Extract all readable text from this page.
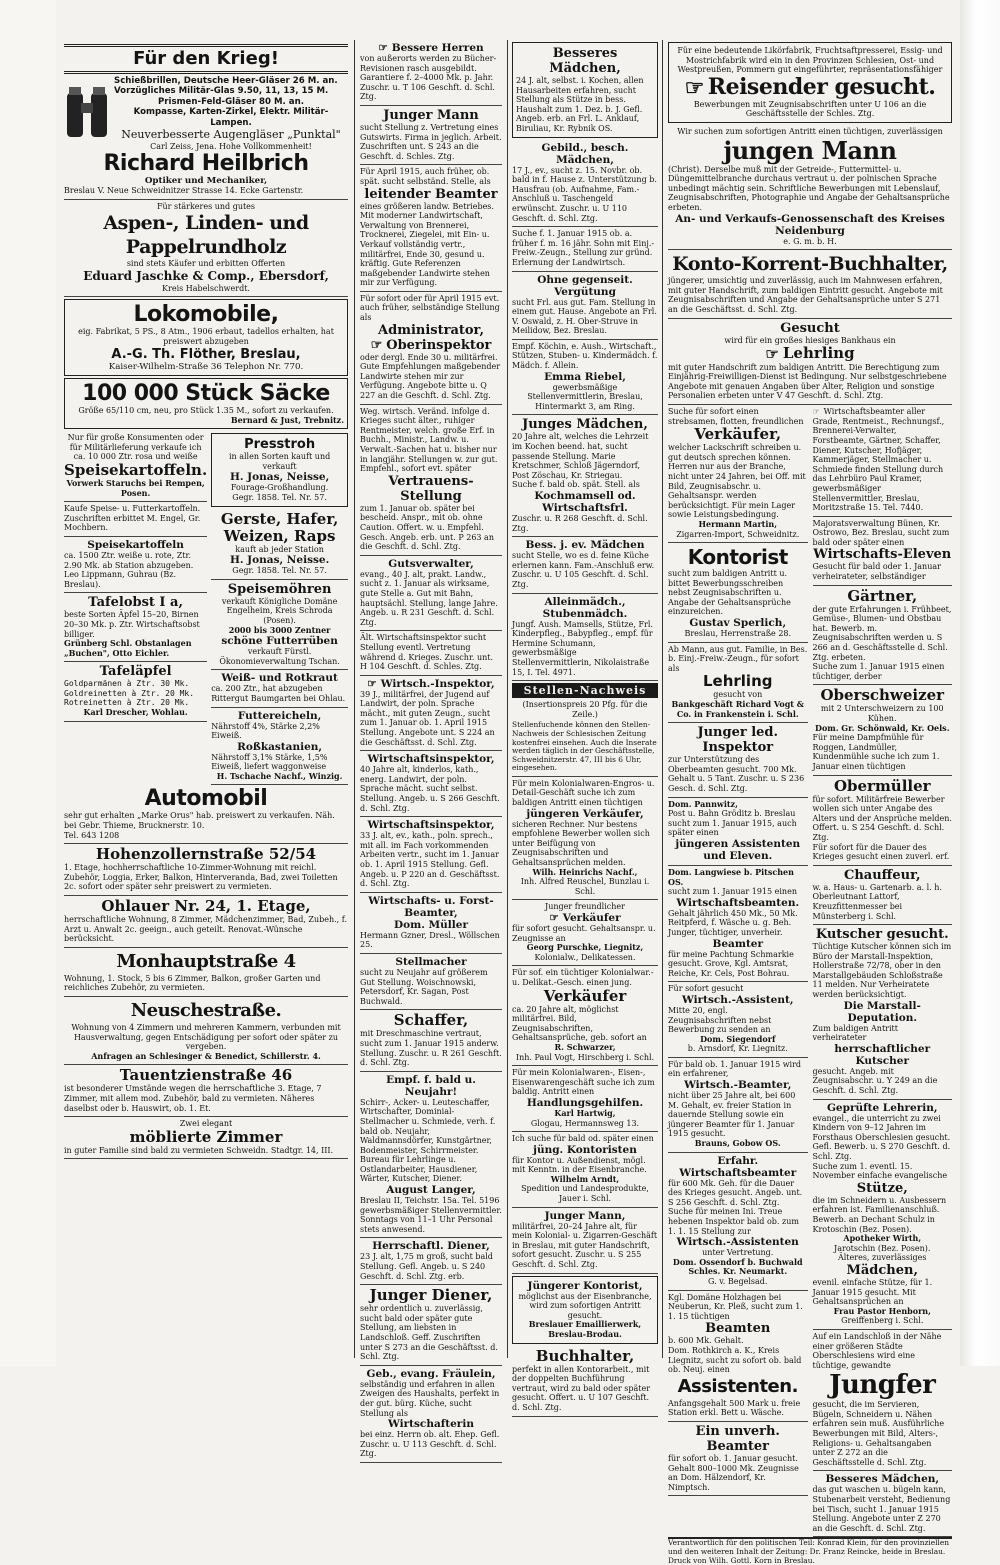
Für den Krieg!
Schießbrillen, Deutsche Heer-Gläser 26 M. an.
Vorzügliches Militär-Glas 9.50, 11, 13, 15 M.
Prismen-Feld-Gläser 80 M. an.
Kompasse, Karten-Zirkel, Elektr. Militär-Lampen.
Neuverbesserte Augengläser „Punktal"
Carl Zeiss, Jena. Hohe Vollkommenheit!
Richard Heilbrich
Optiker und Mechaniker,
Breslau V. Neue Schweidnitzer Strasse 14. Ecke Gartenstr.
Für stärkeres und gutes
Aspen-, Linden- und Pappelrundholz
sind stets Käufer und erbitten Offerten
Eduard Jaschke & Comp., Ebersdorf,
Kreis Habelschwerdt.
Lokomobile,
eig. Fabrikat, 5 PS., 8 Atm., 1906 erbaut, tadellos erhalten, hat preiswert abzugeben
A.-G. Th. Flöther, Breslau,
Kaiser-Wilhelm-Straße 36 Telephon Nr. 770.
100 000 Stück Säcke
Größe 65/110 cm, neu, pro Stück 1.35 M., sofort zu verkaufen.
Bernard & Just, Trebnitz.
Nur für große Konsumenten oder für Militärlieferung verkaufe ich ca. 10 000 Ztr. rosa und weiße
Speisekartoffeln.
Vorwerk Staruchs bei Rempen, Posen.
Kaufe Speise- u. Futterkartoffeln. Zuschriften erbittet M. Engel, Gr. Mochbern.
Speisekartoffeln
ca. 1500 Ztr. weiße u. rote, Ztr. 2.90 Mk. ab Station abzugeben. Leo Lippmann, Guhrau (Bz. Breslau).
Tafelobst I a,
beste Sorten Äpfel 15–20, Birnen 20–30 Mk. p. Ztr. Wirtschaftsobst billiger.
Grünberg Schl. Obstanlagen „Buchen", Otto Eichler.
Tafeläpfel
Goldparmänen à Ztr. 30 Mk.
Goldreinetten à Ztr. 20 Mk.
Rotreinetten à Ztr. 20 Mk.
Karl Drescher, Wohlau.
Presstroh
in allen Sorten kauft und verkauft
H. Jonas, Neisse,
Fourage-Großhandlung.
Gegr. 1858. Tel. Nr. 57.
Gerste, Hafer, Weizen, Raps
kauft ab jeder Station
H. Jonas, Neisse.
Gegr. 1858. Tel. Nr. 57.
Speisemöhren
verkauft Königliche Domäne Engelheim, Kreis Schroda (Posen).
2000 bis 3000 Zentner
schöne Futterrüben
verkauft Fürstl. Ökonomieverwaltung Tschan.
Weiß- und Rotkraut
ca. 200 Ztr., hat abzugeben Rittergut Baumgarten bei Ohlau.
Futtereicheln,
Nährstoff 4%, Stärke 2,2% Eiweiß.
Roßkastanien,
Nährstoff 3,1% Stärke, 1,5% Eiweiß, liefert waggonweise
H. Tschache Nachf., Winzig.
Automobil
sehr gut erhalten „Marke Orus" hab. preiswert zu verkaufen. Näh. bei Gebr. Thieme, Brucknerstr. 10.
Tel. 643 1208
Hohenzollernstraße 52/54
1. Etage, hochherrschaftliche 10-Zimmer-Wohnung mit reichl. Zubehör, Loggia, Erker, Balkon, Hinterveranda, Bad, zwei Toiletten 2c. sofort oder später sehr preiswert zu vermieten.
Ohlauer Nr. 24, 1. Etage,
herrschaftliche Wohnung, 8 Zimmer, Mädchenzimmer, Bad, Zubeh., f. Arzt u. Anwalt 2c. geeign., auch geteilt. Renovat.-Wünsche berücksicht.
Monhauptstraße 4
Wohnung, 1. Stock, 5 bis 6 Zimmer, Balkon, großer Garten und reichliches Zubehör, zu vermieten.
Neuschestraße.
Wohnung von 4 Zimmern und mehreren Kammern, verbunden mit Hausverwaltung, gegen Entschädigung per sofort oder später zu vergeben.
Anfragen an Schlesinger & Benedict, Schillerstr. 4.
Tauentzienstraße 46
ist besonderer Umstände wegen die herrschaftliche 3. Etage, 7 Zimmer, mit allem mod. Zubehör, bald zu vermieten. Näheres daselbst oder b. Hauswirt, ob. 1. Et.
Zwei elegant
möblierte Zimmer
in guter Familie sind bald zu vermieten Schweidn. Stadtgr. 14, III.
☞ Bessere Herren
von außerorts werden zu Bücher-Revisionen rasch ausgebildt. Garantiere f. 2–4000 Mk. p. Jahr. Zuschr. u. T 106 Geschft. d. Schl. Ztg.
Junger Mann
sucht Stellung z. Vertretung eines Gutswirts. Firma in jeglich. Arbeit. Zuschriften unt. S 243 an die Geschft. d. Schles. Ztg.
Für April 1915, auch früher, ob. spät. sucht selbständ. Stelle, als
leitender Beamter
eines größeren landw. Betriebes. Mit moderner Landwirtschaft, Verwaltung von Brennerei, Trocknerei, Ziegelei, mit Ein- u. Verkauf vollständig vertr., militärfrei, Ende 30, gesund u. kräftig. Gute Referenzen maßgebender Landwirte stehen mir zur Verfügung.
Für sofort oder für April 1915 evt. auch früher, selbständige Stellung als
Administrator,
☞ Oberinspektor
oder dergl. Ende 30 u. militärfrei. Gute Empfehlungen maßgebender Landwirte stehen mir zur Verfügung. Angebote bitte u. Q 227 an die Geschft. d. Schl. Ztg.
Weg. wirtsch. Veränd. infolge d. Krieges sucht älter., ruhiger Rentmeister, welch. große Erf. in Buchh., Ministr., Landw. u. Verwalt.-Sachen hat u. bisher nur in langjähr. Stellungen w. zur gut. Empfehl., sofort evt. später
Vertrauens-Stellung
zum 1. Januar ob. später bei bescheid. Anspr., mit ob. ohne Caution. Offert. w. u. Empfehl. Gesch. Angeb. erb. unt. P 263 an die Geschft. d. Schl. Ztg.
Gutsverwalter,
evang., 40 J. alt, prakt. Landw., sucht z. 1. Januar als wirksame, gute Stelle a. Gut mit Bahn, hauptsächl. Stellung, lange Jahre. Angeb. u. R 231 Geschft. d. Schl. Ztg.
Ält. Wirtschaftsinspektor sucht Stellung eventl. Vertretung während d. Krieges. Zuschr. unt. H 104 Geschft. d. Schles. Ztg.
☞ Wirtsch.-Inspektor,
39 J., militärfrei, der Jugend auf Landwirt, der poln. Sprache mächt., mit guten Zeugn., sucht zum 1. Januar ob. 1. April 1915 Stellung. Angebote unt. S 224 an die Geschäftsst. d. Schl. Ztg.
Wirtschaftsinspektor,
40 Jahre alt, kinderlos, kath., energ. Landwirt, der poln. Sprache mächt. sucht selbst. Stellung. Angeb. u. S 266 Geschft. d. Schl. Ztg.
Wirtschaftsinspektor,
33 J. alt, ev., kath., poln. sprech., mit all. im Fach vorkommenden Arbeiten vertr., sucht im 1. Januar ob. 1. April 1915 Stellung. Gefl. Angeb. u. P 220 an d. Geschäftsst. d. Schl. Ztg.
Wirtschafts- u. Forst-Beamter,
Dom. Müller
Hermann Gzner, Dresl., Wöllschen 25.
Stellmacher
sucht zu Neujahr auf größerem Gut Stellung. Woischnowski, Petersdorf, Kr. Sagan, Post Buchwald.
Schaffer,
mit Dreschmaschine vertraut, sucht zum 1. Januar 1915 anderw. Stellung. Zuschr. u. R 261 Geschft. d. Schl. Ztg.
Empf. f. bald u. Neujahr!
Schirr-, Acker- u. Leuteschaffer, Wirtschafter, Dominial-Stellmacher u. Schmiede, verh. f. bald ob. Neujahr, Waldmannsdörfer, Kunstgärtner, Bodenmeister, Schirrmeister. Bureau für Lehrlinge u. Ostlandarbeiter, Hausdiener, Wärter, Kutscher, Diener.
August Langer,
Breslau II, Teichstr. 15a. Tel. 5196 gewerbsmäßiger Stellenvermittler. Sonntags von 11–1 Uhr Personal stets anwesend.
Herrschaftl. Diener,
23 J. alt, 1,75 m groß, sucht bald Stellung. Gefl. Angeb. u. S 240 Geschft. d. Schl. Ztg. erb.
Junger Diener,
sehr ordentlich u. zuverlässig, sucht bald oder später gute Stellung, am liebsten in Landschloß. Geff. Zuschriften unter S 273 an die Geschäftsst. d. Schl. Ztg.
Geb., evang. Fräulein,
selbständig und erfahren in allen Zweigen des Haushalts, perfekt in der gut. bürg. Küche, sucht Stellung als
Wirtschafterin
bei einz. Herrn ob. alt. Ehep. Gefl. Zuschr. u. U 113 Geschft. d. Schl. Ztg.
Besseres Mädchen,
24 J. alt, selbst. i. Kochen, allen Hausarbeiten erfahren, sucht Stellung als Stütze in bess. Haushalt zum 1. Dez. b. J. Gefl. Angeb. erb. an Frl. L. Anklauf, Biruliau, Kr. Rybnik OS.
Gebild., besch. Mädchen,
17 J., ev., sucht z. 15. Novbr. ob. bald in f. Hause z. Unterstützung b. Hausfrau (ob. Aufnahme, Fam.-Anschluß u. Taschengeld erwünscht. Zuschr. u. U 110 Geschft. d. Schl. Ztg.
Suche f. 1. Januar 1915 ob. a. früher f. m. 16 jähr. Sohn mit Einj.-Freiw.-Zeugn., Stellung zur gründ. Erlernung der Landwirtsch.
Ohne gegenseit. Vergütung
sucht Frl. aus gut. Fam. Stellung in einem gut. Hause. Angebote an Frl. V. Oswald, z. H. Ober-Struve in Meilidow, Bez. Breslau.
Empf. Köchin, e. Aush., Wirtschaft., Stützen, Stuben- u. Kindermädch. f. Mädch. f. Allein.
Emma Riebel,
gewerbsmäßige Stellenvermittlerin, Breslau, Hintermarkt 3, am Ring.
Junges Mädchen,
20 Jahre alt, welches die Lehrzeit im Kochen beend. hat, sucht passende Stellung. Marie Kretschmer, Schloß Jägerndorf, Post Zöschau, Kr. Striegau.
Suche f. bald ob. spät. Stell. als
Kochmamsell od. Wirtschaftsfrl.
Zuschr. u. R 268 Geschft. d. Schl. Ztg.
Bess. j. ev. Mädchen
sucht Stelle, wo es d. feine Küche erlernen kann. Fam.-Anschluß erw. Zuschr. u. U 105 Geschft. d. Schl. Ztg.
Alleinmädch., Stubenmädch.
Jungf. Aush. Mamsells, Stütze, Frl. Kinderpfleg., Babypfleg., empf. für Hermine Schumann, gewerbsmäßige Stellenvermittlerin, Nikolaistraße 15, I. Tel. 4971.
Stellen-Nachweis
(Insertionspreis 20 Pfg. für die Zeile.)
Stellenfuchende können den Stellen-Nachweis der Schlesischen Zeitung kostenfrei einsehen. Auch die Inserate werden täglich in der Geschäftsstelle, Schweidnitzerstr. 47, III bis 6 Uhr, eingesehen.
Für mein Kolonialwaren-Engros- u. Detail-Geschäft suche ich zum baldigen Antritt einen tüchtigen
jüngeren Verkäufer,
sicheren Rechner. Nur bestens empfohlene Bewerber wollen sich unter Beifügung von Zeugnisabschriften und Gehaltsansprüchen melden.
Wilh. Heinrichs Nachf.,
Inh. Alfred Reuschel, Bunzlau i. Schl.
Junger freundlicher
☞ Verkäufer
für sofort gesucht. Gehaltsanspr. u. Zeugnisse an
Georg Purschke, Liegnitz,
Kolonialw., Delikatessen.
Für sof. ein tüchtiger Kolonialwar.- u. Delikat.-Gesch. einen jung.
Verkäufer
ca. 20 Jahre alt, möglichst militärfrei. Bild, Zeugnisabschriften, Gehaltsansprüche, geb. sofort an
R. Schwarzer,
Inh. Paul Vogt, Hirschberg i. Schl.
Für mein Kolonialwaren-, Eisen-, Eisenwarengeschäft suche ich zum baldig. Antritt einen
Handlungsgehilfen.
Karl Hartwig,
Glogau, Hermannsweg 13.
Ich suche für bald od. später einen
jüng. Kontoristen
für Kontor u. Außendienst, mögl. mit Kenntn. in der Eisenbranche.
Wilhelm Arndt,
Spedition und Landesprodukte, Jauer i. Schl.
Junger Mann,
militärfrei, 20–24 Jahre alt, für mein Kolonial- u. Zigarren-Geschäft in Breslau, mit guter Handschrift, sofort gesucht. Zuschr. u. S 255 Geschft. d. Schl. Ztg.
Jüngerer Kontorist,
möglichst aus der Eisenbranche, wird zum sofortigen Antritt gesucht.
Breslauer Emaillierwerk, Breslau-Brodau.
Buchhalter,
perfekt in allen Kontorarbeit., mit der doppelten Buchführung vertraut, wird zu bald oder später gesucht. Offert. u. U 107 Geschft. d. Schl. Ztg.
Für eine bedeutende Likörfabrik, Fruchtsaftpresserei, Essig- und Mostrichfabrik wird ein in den Provinzen Schlesien, Ost- und Westpreußen, Pommern gut eingeführter, repräsentationsfähiger
☞ Reisender gesucht.
Bewerbungen mit Zeugnisabschriften unter U 106 an die Geschäftsstelle der Schles. Ztg.
Wir suchen zum sofortigen Antritt einen tüchtigen, zuverlässigen
jungen Mann
(Christ). Derselbe muß mit der Getreide-, Futtermittel- u. Düngemittelbranche durchaus vertraut u. der polnischen Sprache unbedingt mächtig sein. Schriftliche Bewerbungen mit Lebenslauf, Zeugnisabschriften, Photographie und Angabe der Gehaltsansprüche erbeten.
An- und Verkaufs-Genossenschaft des Kreises Neidenburg
e. G. m. b. H.
Konto-Korrent-Buchhalter,
jüngerer, umsichtig und zuverlässig, auch im Mahnwesen erfahren, mit guter Handschrift, zum baldigen Eintritt gesucht. Angebote mit Zeugnisabschriften und Angabe der Gehaltsansprüche unter S 271 an die Geschäftsst. d. Schl. Ztg.
Gesucht
wird für ein großes hiesiges Bankhaus ein
☞ Lehrling
mit guter Handschrift zum baldigen Antritt. Die Berechtigung zum Einjährig-Freiwilligen-Dienst ist Bedingung. Nur selbstgeschriebene Angebote mit genauen Angaben über Alter, Religion und sonstige Personalien erbeten unter V 47 Geschft. d. Schl. Ztg.
Suche für sofort einen strebsamen, flotten, freundlichen
Verkäufer,
welcher Lackschrift schreiben u. gut deutsch sprechen können. Herren nur aus der Branche, nicht unter 24 Jahren, bei Off. mit Bild, Zeugnisabschr. u. Gehaltsanspr. werden berücksichtigt. Für mein Lager sowie Leistungsbedingung.
Hermann Martin,
Zigarren-Import, Schweidnitz.
Kontorist
sucht zum baldigen Antritt u. bittet Bewerbungsschreiben nebst Zeugnisabschriften u. Angabe der Gehaltsansprüche einzureichen.
Gustav Sperlich,
Breslau, Herrenstraße 28.
Ab Mann, aus gut. Familie, in Bes. b. Einj.-Freiw.-Zeugn., für sofort als
Lehrling
gesucht von
Bankgeschäft Richard Vogt & Co. in Frankenstein i. Schl.
Junger led. Inspektor
zur Unterstützung des Oberbeamten gesucht. 700 Mk. Gehalt u. 5 Tant. Zuschr. u. S 236 Gesch. d. Schl. Ztg.
Dom. Pannwitz,
Post u. Bahn Gröditz b. Breslau sucht zum 1. Januar 1915, auch später einen
jüngeren Assistenten und Eleven.
Dom. Langwiese b. Pitschen OS.
sucht zum 1. Januar 1915 einen
Wirtschaftsbeamten.
Gehalt jährlich 450 Mk., 50 Mk. Reitpferd, f. Wäsche u. g. Beh.
Junger, tüchtiger, unverheir.
Beamter
für meine Pachtung Schmarkie gesucht. Grove, Kgl. Amtsrat, Reiche, Kr. Cels, Post Bohrau.
Für sofort gesucht
Wirtsch.-Assistent,
Mitte 20, engl. Zeugnisabschriften nebst Bewerbung zu senden an
Dom. Siegendorf
b. Arnsdorf, Kr. Liegnitz.
Für bald ob. 1. Januar 1915 wird ein erfahrener,
Wirtsch.-Beamter,
nicht über 25 Jahre alt, bei 600 M. Gehalt, ev. freier Station in dauernde Stellung sowie ein jüngerer Beamter für 1. Januar 1915 gesucht.
Brauns, Gobow OS.
Erfahr. Wirtschaftsbeamter
für 600 Mk. Geh. für die Dauer des Krieges gesucht. Angeb. unt. S 256 Geschft. d. Schl. Ztg.
Suche für meinen Ini. Treue hebenen Inspektor bald ob. zum 1. 1. 15 Stellung zur
Wirtsch.-Assistenten
unter Vertretung.
Dom. Ossendorf b. Buchwald Schles. Kr. Neumarkt.
G. v. Begelsad.
Kgl. Domäne Holzhagen bei Neuberun, Kr. Pleß, sucht zum 1. 1. 15 tüchtigen
Beamten
b. 600 Mk. Gehalt.
Dom. Rothkirch a. K., Kreis Liegnitz, sucht zu sofort ob. bald ob. Neuj. einen
Assistenten.
Anfangsgehalt 500 Mark u. freie Station erkl. Bett u. Wäsche.
Ein unverh. Beamter
für sofort ob. 1. Januar gesucht. Gehalt 800–1000 Mk. Zeugnisse an Dom. Hälzendorf, Kr. Nimptsch.
☞ Wirtschaftsbeamter aller Grade, Rentmeist., Rechnungsf., Brennerei-Verwalter, Forstbeamte, Gärtner, Schaffer, Diener, Kutscher, Hofjäger, Kammerjäger, Stellmacher u. Schmiede finden Stellung durch das Lehrbüro Paul Kramer, gewerbsmäßiger Stellenvermittler, Breslau, Moritzstraße 15. Tel. 7440.
Majoratsverwaltung Bünen, Kr. Ostrowo, Bez. Breslau, sucht zum bald oder später einen
Wirtschafts-Eleven
Gesucht für bald oder 1. Januar verheirateter, selbständiger
Gärtner,
der gute Erfahrungen i. Frühbeet, Gemüse-, Blumen- und Obstbau hat. Bewerb. m. Zeugnisabschriften werden u. S 266 an d. Geschäftsstelle d. Schl. Ztg. erbeten.
Suche zum 1. Januar 1915 einen tüchtiger, derber
Oberschweizer
mit 2 Unterschweizern zu 100 Kühen.
Dom. Gr. Schönwald, Kr. Oels.
Für meine Dampfmühle für Roggen, Landmüller, Kundenmühle suche ich zum 1. Januar einen tüchtigen
Obermüller
für sofort. Militärfreie Bewerber wollen sich unter Angabe des Alters und der Ansprüche melden. Offert. u. S 254 Geschft. d. Schl. Ztg.
Für sofort für die Dauer des Krieges gesucht einen zuverl. erf.
Chauffeur,
w. a. Haus- u. Gartenarb. a. l. h. Oberleutnant Lattorf, Kreuzfittenmesser bei Münsterberg i. Schl.
Kutscher gesucht.
Tüchtige Kutscher können sich im Büro der Marstall-Inspektion, Hollerstraße 72/78, ober in den Marstallgebäuden Schloßstraße 11 melden. Nur Verheiratete werden berücksichtigt.
Die Marstall-Deputation.
Zum baldigen Antritt verheirateter
herrschaftlicher Kutscher
gesucht. Angeb. mit Zeugnisabschr. u. Y 249 an die Geschft. d. Schl. Ztg.
Geprüfte Lehrerin,
evangel., die unterricht zu zwei Kindern von 9–12 Jahren im Forsthaus Oberschlesien gesucht. Gefl. Bewerb. u. S 270 Geschft. d. Schl. Ztg.
Suche zum 1. eventl. 15. November einfache evangelische
Stütze,
die im Schneidern u. Ausbessern erfahren ist. Familienanschluß. Bewerb. an Dechant Schulz in Krotoschin (Bez. Posen).
Apotheker Wirth,
Jarotschin (Bez. Posen).
Älteres, zuverlässiges
Mädchen,
evenil. einfache Stütze, für 1. Januar 1915 gesucht. Mit Gehaltsansprüchen an
Frau Pastor Henborn,
Greiffenberg i. Schl.
Auf ein Landschloß in der Nähe einer größeren Städte Oberschlesiens wird eine tüchtige, gewandte
Jungfer
gesucht, die im Servieren, Bügeln, Schneidern u. Nähen erfahren sein muß. Ausführliche Bewerbungen mit Bild, Alters-, Religions- u. Gehaltsangaben unter Z 272 an die Geschäftsstelle d. Schl. Ztg.
Besseres Mädchen,
das gut waschen u. bügeln kann, Stubenarbeit versteht, Bedienung bei Tisch, sucht 1. Januar 1915 Stellung. Angebote unter Z 270 an die Geschft. d. Schl. Ztg.
Verantwortlich für den politischen Teil: Konrad Klein, für den provinziellen und den weiteren Inhalt der Zeitung: Dr. Franz Reincke, beide in Breslau. Druck von Wilh. Gottl. Korn in Breslau.
